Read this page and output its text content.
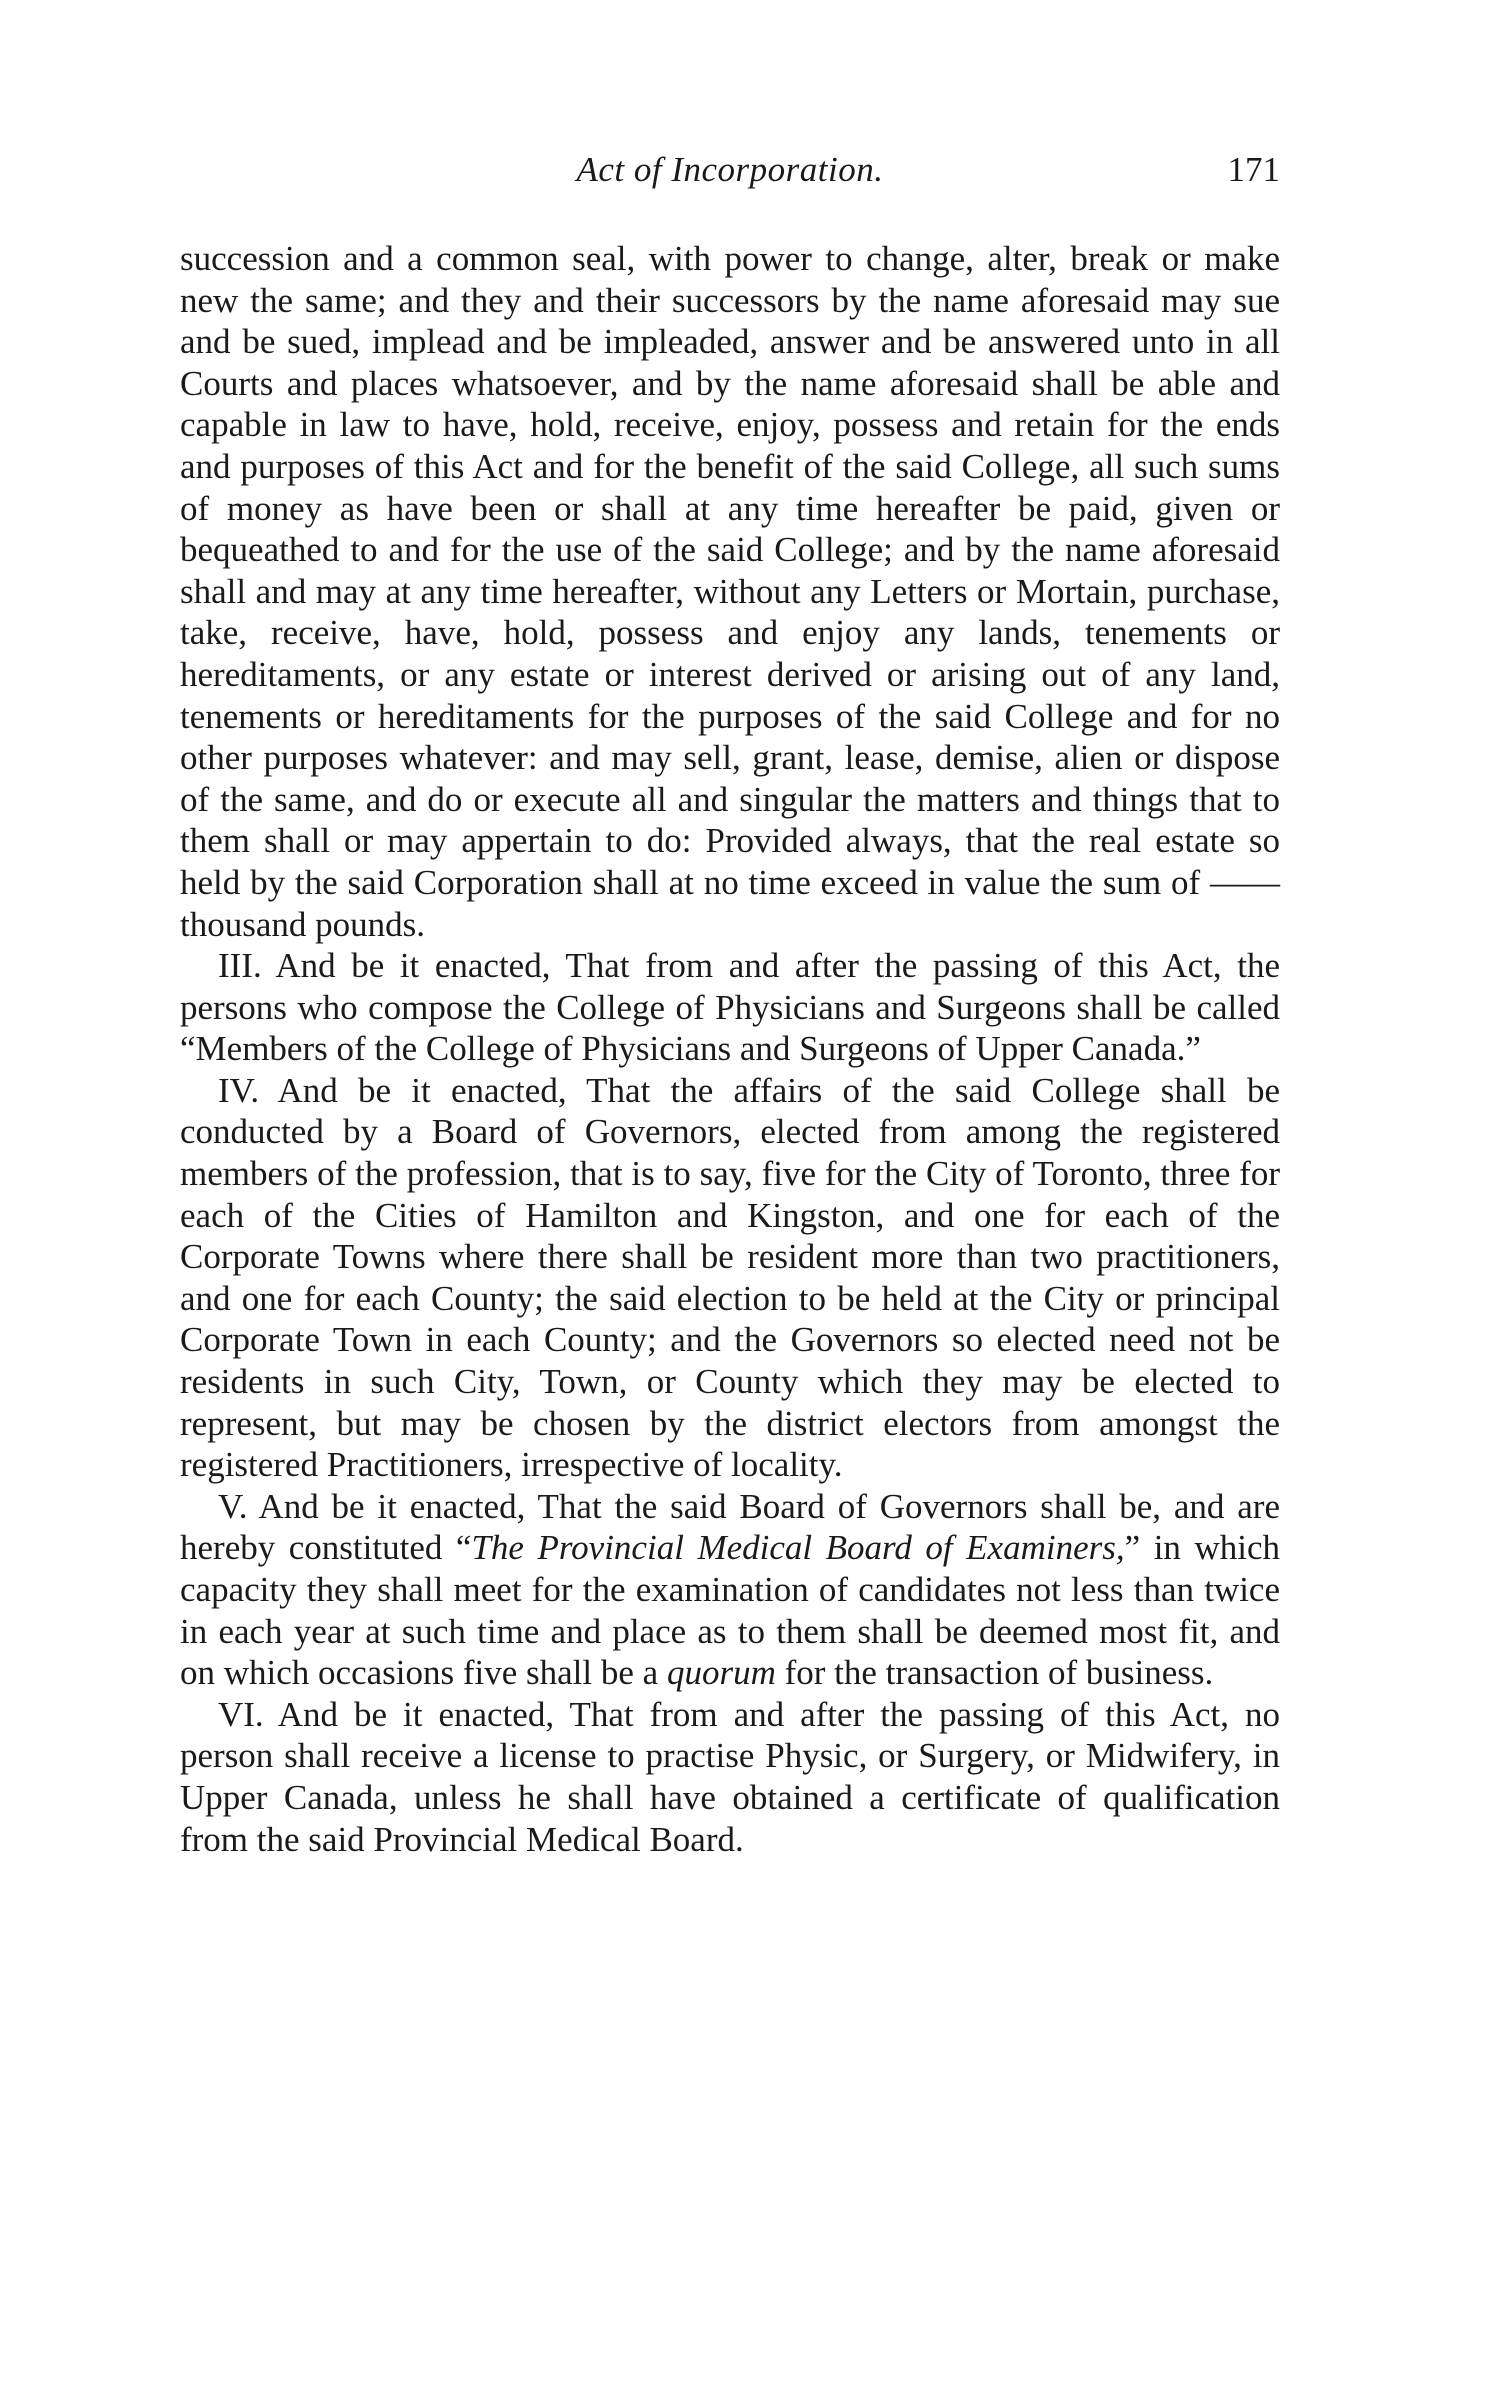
Act of Incorporation.	171

succession and a common seal, with power to change, alter, break or make new the same; and they and their successors by the name aforesaid may sue and be sued, implead and be impleaded, answer and be answered unto in all Courts and places whatsoever, and by the name aforesaid shall be able and capable in law to have, hold, receive, enjoy, possess and retain for the ends and purposes of this Act and for the benefit of the said College, all such sums of money as have been or shall at any time hereafter be paid, given or bequeathed to and for the use of the said College; and by the name aforesaid shall and may at any time hereafter, without any Letters or Mortain, purchase, take, receive, have, hold, possess and enjoy any lands, tenements or hereditaments, or any estate or interest derived or arising out of any land, tenements or hereditaments for the purposes of the said College and for no other purposes whatever: and may sell, grant, lease, demise, alien or dispose of the same, and do or execute all and singular the matters and things that to them shall or may appertain to do: Provided always, that the real estate so held by the said Corporation shall at no time exceed in value the sum of —— thousand pounds.

III. And be it enacted, That from and after the passing of this Act, the persons who compose the College of Physicians and Surgeons shall be called “Members of the College of Physicians and Surgeons of Upper Canada.”

IV. And be it enacted, That the affairs of the said College shall be conducted by a Board of Governors, elected from among the registered members of the profession, that is to say, five for the City of Toronto, three for each of the Cities of Hamilton and Kingston, and one for each of the Corporate Towns where there shall be resident more than two practitioners, and one for each County; the said election to be held at the City or principal Corporate Town in each County; and the Governors so elected need not be residents in such City, Town, or County which they may be elected to represent, but may be chosen by the district electors from amongst the registered Practitioners, irrespective of locality.

V. And be it enacted, That the said Board of Governors shall be, and are hereby constituted “The Provincial Medical Board of Examiners,” in which capacity they shall meet for the examination of candidates not less than twice in each year at such time and place as to them shall be deemed most fit, and on which occasions five shall be a quorum for the transaction of business.

VI. And be it enacted, That from and after the passing of this Act, no person shall receive a license to practise Physic, or Surgery, or Midwifery, in Upper Canada, unless he shall have obtained a certificate of qualification from the said Provincial Medical Board.
